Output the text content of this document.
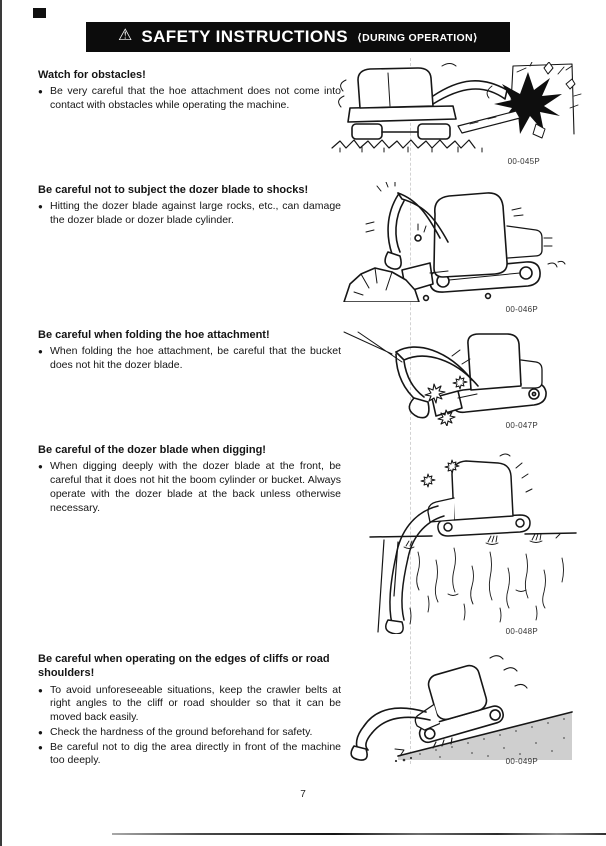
⚠ SAFETY INSTRUCTIONS ⟨DURING OPERATION⟩
Watch for obstacles!
● Be very careful that the hoe attachment does not come into contact with obstacles while operating the machine.
00-045P
Be careful not to subject the dozer blade to shocks!
● Hitting the dozer blade against large rocks, etc., can damage the dozer blade or dozer blade cylinder.
00-046P
Be careful when folding the hoe attachment!
● When folding the hoe attachment, be careful that the bucket does not hit the dozer blade.
00-047P
Be careful of the dozer blade when digging!
● When digging deeply with the dozer blade at the front, be careful that it does not hit the boom cylinder or bucket. Always operate with the dozer blade at the back unless otherwise necessary.
00-048P
Be careful when operating on the edges of cliffs or road shoulders!
● To avoid unforeseeable situations, keep the crawler belts at right angles to the cliff or road shoulder so that it can be moved back easily.
● Check the hardness of the ground beforehand for safety.
● Be careful not to dig the area directly in front of the machine too deeply.	00-049P
7
